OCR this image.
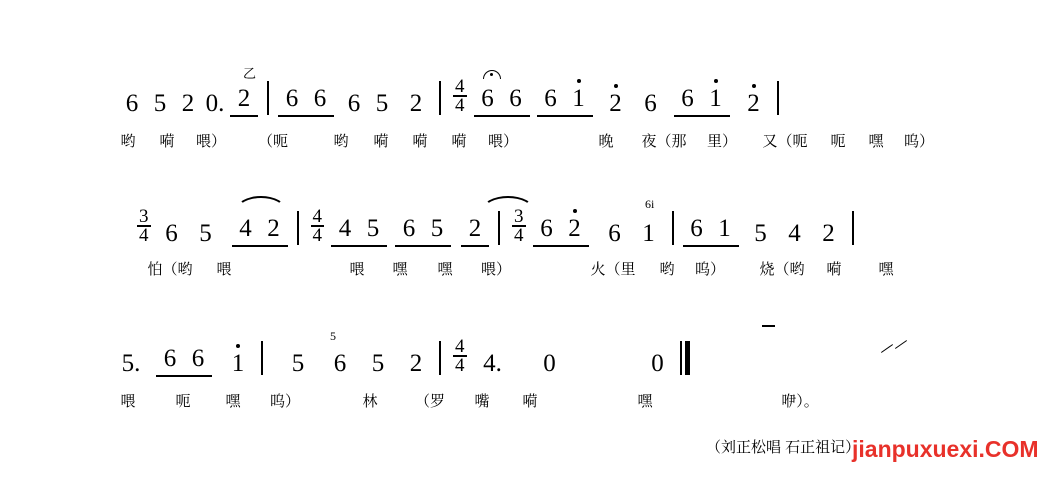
6 5 2 0. 2	6 6 6 5 2
4
4 6 6 6 1 2 6 6 1	2
乙
哟 嗬 喂） （呃	哟 嗬 嗬 嗬 喂）	晚 夜（那 里） 又（呃 呃 嘿 呜）
3
4 6 5	4 2	4
4 4 5 6 5	2	3
4 6 2	6 1	6 1 5 4 2
6i
怕（哟 喂	喂 嘿 嘿 喂）	火（里 哟 呜） 烧（哟 嗬 嘿
5. 6 6	1	5	6	5	2
4
4 4.	0	0
5
喂	呃 嘿 呜）	林 （罗 嘴 嗬	嘿	咿）。
（刘正松唱 石正祖记）
jianpuxuexi.COM
